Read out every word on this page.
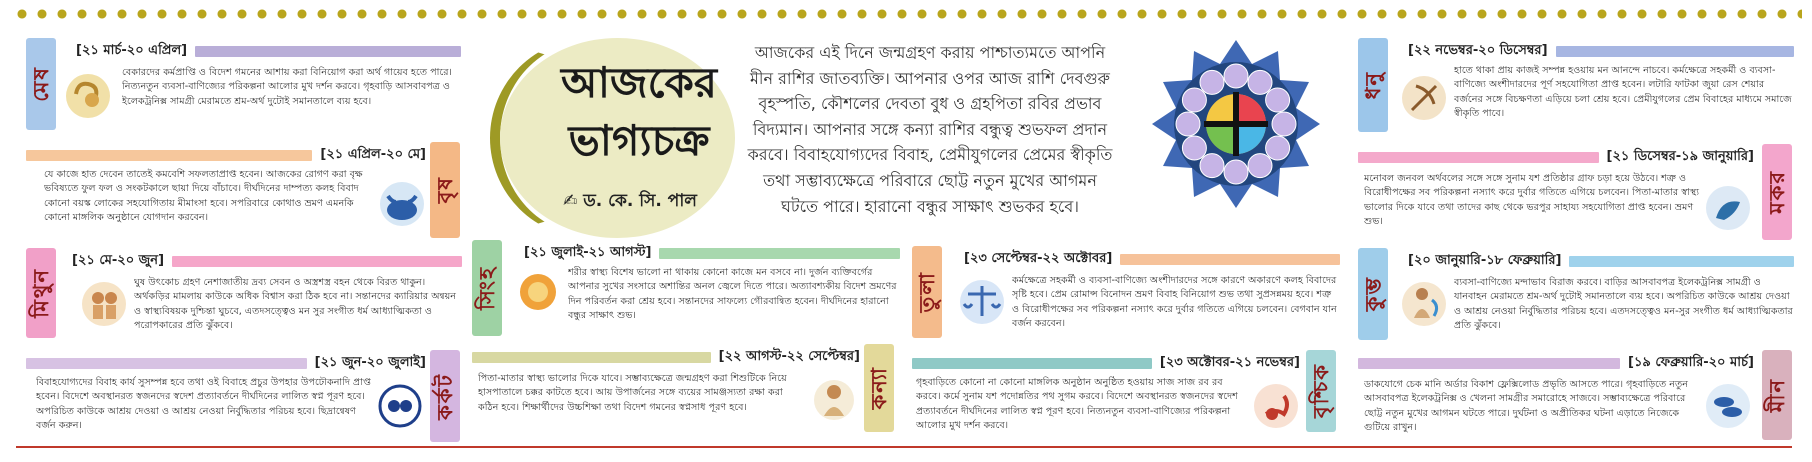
আজকের
ভাগ্যচক্র
✍ ড. কে. সি. পাল
আজকের এই দিনে জন্মগ্রহণ করায় পাশ্চাত্যমতে আপনি মীন রাশির জাতব্যক্তি। আপনার ওপর আজ রাশি দেবগুরু বৃহস্পতি, কৌশলের দেবতা বুধ ও গ্রহপিতা রবির প্রভাব বিদ্যমান। আপনার সঙ্গে কন্যা রাশির বন্ধুত্ব শুভফল প্রদান করবে। বিবাহযোগ্যদের বিবাহ, প্রেমীযুগলের প্রেমের স্বীকৃতি তথা সম্ভাব্যক্ষেত্রে পরিবারে ছোট্ট নতুন মুখের আগমন ঘটতে পারে। হারানো বন্ধুর সাক্ষাৎ শুভকর হবে।
মেষ
[২১ মার্চ-২০ এপ্রিল]
বেকারদের কর্মপ্রাপ্তি ও বিদেশ গমনের আশায় করা বিনিয়োগ করা অর্থ গায়েব হতে পারে। নিত্যনতুন ব্যবসা-বাণিজ্যের পরিকল্পনা আলোর মুখ দর্শন করবে। গৃহবাড়ি আসবাবপত্র ও ইলেকট্রনিক্স সামগ্রী মেরামতে শ্রম-অর্থ দুটোই সমানতালে ব্যয় হবে।
[২১ এপ্রিল-২০ মে]
বৃষ
যে কাজে হাত দেবেন তাতেই কমবেশি সফলতাপ্রাপ্ত হবেন। আজকের রোগণ করা বৃক্ষ ভবিষ্যতে ফুল ফল ও সংকটকালে ছায়া দিয়ে বাঁচাবে। দীর্ঘদিনের দাম্পত্য কলহ বিবাদ কোনো বয়স্ক লোকের সহযোগিতায় মীমাংসা হবে। সপরিবারে কোথাও ভ্রমণ এমনকি কোনো মাঙ্গলিক অনুষ্ঠানে যোগদান করবেন।
মিথুন
[২১ মে-২০ জুন]
ঘুষ উৎকোচ গ্রহণ নেশাজাতীয় দ্রব্য সেবন ও অস্ত্রশস্ত্র বহন থেকে বিরত থাকুন। অর্থকড়ির মামলায় কাউকে অধিক বিশ্বাস করা ঠিক হবে না। সন্তানদের ক্যারিয়ার অন্বয়ন ও স্বাস্থ্যবিষয়ক দুশ্চিন্তা ঘুচবে, এতদসত্ত্বেও মন সুর সংগীত ধর্ম আধ্যাত্মিকতা ও পরোপকারের প্রতি ঝুঁকবে।
[২১ জুন-২০ জুলাই]
কর্কট
বিবাহযোগ্যদের বিবাহ কার্য সুসম্পন্ন হবে তথা ওই বিবাহে প্রচুর উপহার উপঢৌকনাদি প্রাপ্ত হবেন। বিদেশে অবস্থানরত স্বজনদের স্বদেশ প্রত্যাবর্তনে দীর্ঘদিনের লালিত স্বপ্ন পূরণ হবে। অপরিচিত কাউকে আশ্রয় দেওয়া ও আশ্রয় নেওয়া নির্বুদ্ধিতার পরিচয় হবে। ছিদ্রান্বেষণ বর্জন করুন।
সিংহ
[২১ জুলাই-২১ আগস্ট]
শরীর স্বাস্থ্য বিশেষ ভালো না থাকায় কোনো কাজে মন বসবে না। দুর্জন ব্যক্তিবর্গের আপনার সুখের সংসারে অশান্তির অনল জ্বেলে দিতে পারে। অত্যাবশ্যকীয় বিদেশ ভ্রমণের দিন পরিবর্তন করা শ্রেয় হবে। সন্তানদের সাফল্যে গৌরবান্বিত হবেন। দীর্ঘদিনের হারানো বন্ধুর সাক্ষাৎ শুভ।
[২২ আগস্ট-২২ সেপ্টেম্বর]
কন্যা
পিতা-মাতার স্বাস্থ্য ভালোর দিকে যাবে। সম্ভাব্যক্ষেত্রে জন্মগ্রহণ করা শিশুটিকে নিয়ে হাসপাতালে চক্কর কাটতে হবে। আয় উপার্জনের সঙ্গে ব্যয়ের সামঞ্জস্যতা রক্ষা করা কঠিন হবে। শিক্ষার্থীদের উচ্চশিক্ষা তথা বিদেশ গমনের স্বপ্নসাধ পূরণ হবে।
তুলা
[২৩ সেপ্টেম্বর-২২ অক্টোবর]
কর্মক্ষেত্রে সহকর্মী ও ব্যবসা-বাণিজ্যে অংশীদারদের সঙ্গে কারণে অকারণে কলহ বিবাদের সৃষ্টি হবে। প্রেম রোমান্স বিনোদন ভ্রমণ বিবাহ বিনিয়োগ শুভ তথা সুপ্রসন্নময় হবে। শত্রু ও বিরোধীপক্ষের সব পরিকল্পনা নস্যাৎ করে দুর্বার গতিতে এগিয়ে চলবেন। বেগবান যান বর্জন করবেন।
[২৩ অক্টোবর-২১ নভেম্বর]
বৃশ্চিক
গৃহবাড়িতে কোনো না কোনো মাঙ্গলিক অনুষ্ঠান অনুষ্ঠিত হওয়ায় সাজ সাজ রব রব করবে। কর্মে সুনাম যশ পদোন্নতির পথ সুগম করবে। বিদেশে অবস্থানরত স্বজনদের স্বদেশ প্রত্যাবর্তনে দীর্ঘদিনের লালিত স্বপ্ন পূরণ হবে। নিত্যনতুন ব্যবসা-বাণিজ্যের পরিকল্পনা আলোর মুখ দর্শন করবে।
ধনু
[২২ নভেম্বর-২০ ডিসেম্বর]
হাতে থাকা প্রায় কাজই সম্পন্ন হওয়ায় মন আনন্দে নাচবে। কর্মক্ষেত্রে সহকর্মী ও ব্যবসা-বাণিজ্যে অংশীদারদের পূর্ণ সহযোগিতা প্রাপ্ত হবেন। লটারি ফাটকা জুয়া রেস শেয়ার বর্জনের সঙ্গে বিচক্ষণতা এড়িয়ে চলা শ্রেয় হবে। প্রেমীযুগলের প্রেম বিবাহের মাধ্যমে সমাজে স্বীকৃতি পাবে।
[২১ ডিসেম্বর-১৯ জানুয়ারি]
মকর
মনোবল জনবল অর্থবলের সঙ্গে সঙ্গে সুনাম যশ প্রতিষ্ঠার গ্রাফ চড়া হয়ে উঠবে। শত্রু ও বিরোধীপক্ষের সব পরিকল্পনা নস্যাৎ করে দুর্বার গতিতে এগিয়ে চলবেন। পিতা-মাতার স্বাস্থ্য ভালোর দিকে যাবে তথা তাদের কাছ থেকে ভরপুর সাহায্য সহযোগিতা প্রাপ্ত হবেন। ভ্রমণ শুভ।
কুম্ভ
[২০ জানুয়ারি-১৮ ফেব্রুয়ারি]
ব্যবসা-বাণিজ্যে মন্দাভাব বিরাজ করবে। বাড়ির আসবাবপত্র ইলেকট্রনিক্স সামগ্রী ও যানবাহন মেরামতে শ্রম-অর্থ দুটোই সমানতালে ব্যয় হবে। অপরিচিত কাউকে আশ্রয় দেওয়া ও আশ্রয় নেওয়া নির্বুদ্ধিতার পরিচয় হবে। এতদসত্ত্বেও মন-সুর সংগীত ধর্ম আধ্যাত্মিকতার প্রতি ঝুঁকবে।
[১৯ ফেব্রুয়ারি-২০ মার্চ]
মীন
ডাকযোগে চেক মানি অর্ডার বিকাশ ফ্লেক্সিলোড প্রভৃতি আসতে পারে। গৃহবাড়িতে নতুন আসবাবপত্র ইলেকট্রনিক্স ও খেলনা সামগ্রীর সমারোহে সাজবে। সম্ভাব্যক্ষেত্রে পরিবারে ছোট্ট নতুন মুখের আগমন ঘটতে পারে। দুর্ঘটনা ও অপ্রীতিকর ঘটনা এড়াতে নিজেকে গুটিয়ে রাখুন।
